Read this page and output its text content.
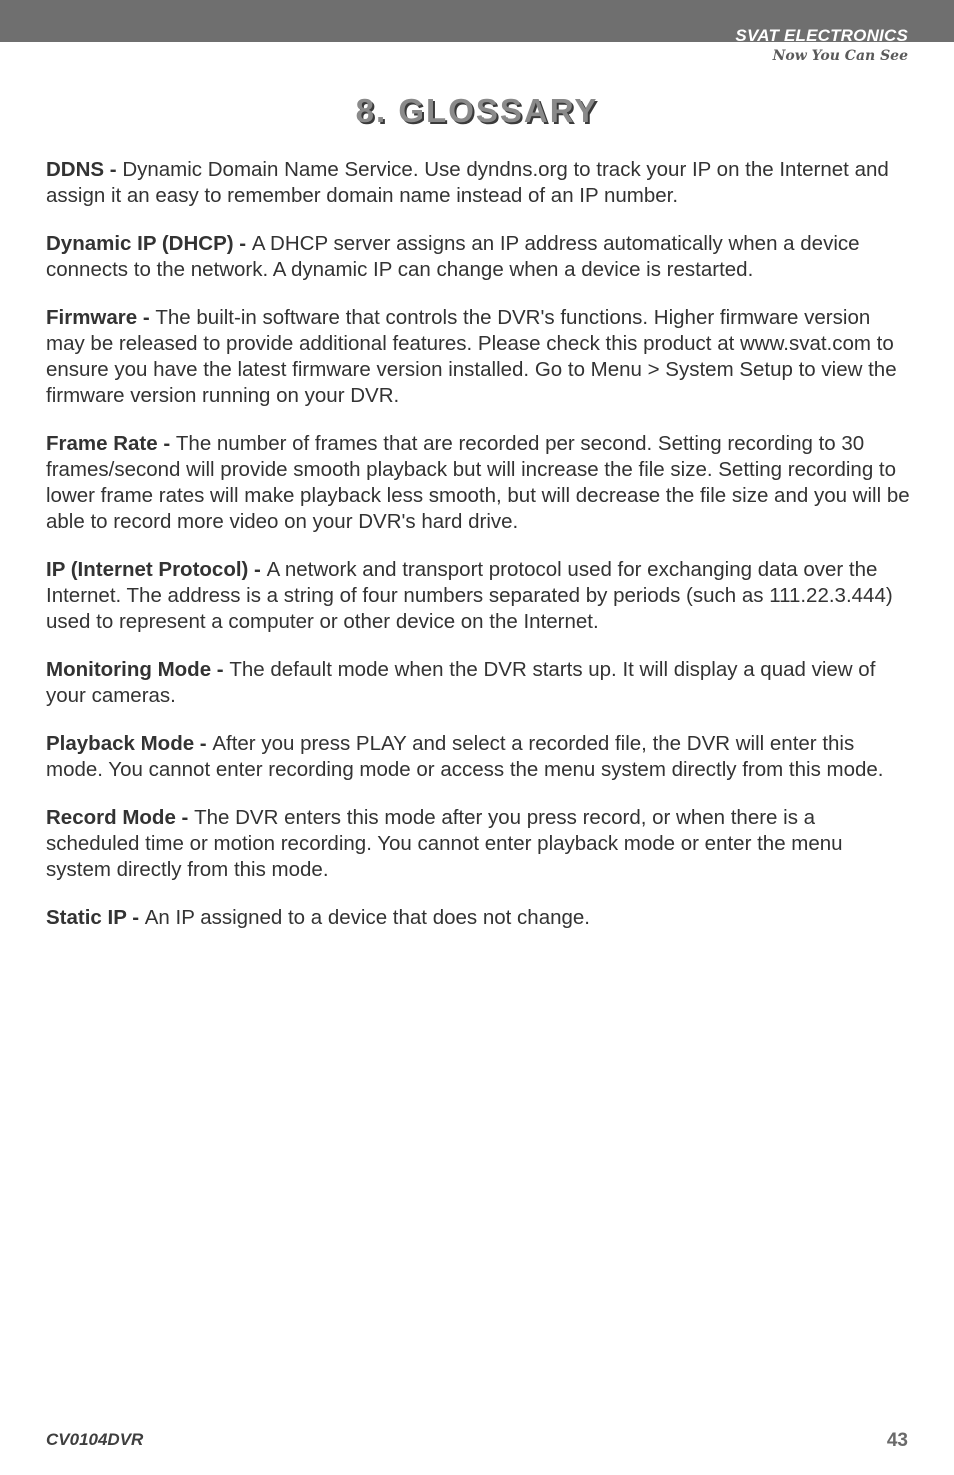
SVAT ELECTRONICS
Now You Can See
8. GLOSSARY

DDNS - Dynamic Domain Name Service. Use dyndns.org to track your IP on the Internet and assign it an easy to remember domain name instead of an IP number.

Dynamic IP (DHCP) - A DHCP server assigns an IP address automatically when a device connects to the network. A dynamic IP can change when a device is restarted.

Firmware - The built-in software that controls the DVR's functions. Higher firmware version may be released to provide additional features. Please check this product at www.svat.com to ensure you have the latest firmware version installed. Go to Menu > System Setup to view the firmware version running on your DVR.

Frame Rate - The number of frames that are recorded per second. Setting recording to 30 frames/second will provide smooth playback but will increase the file size. Setting recording to lower frame rates will make playback less smooth, but will decrease the file size and you will be able to record more video on your DVR's hard drive.

IP (Internet Protocol) - A network and transport protocol used for exchanging data over the Internet. The address is a string of four numbers separated by periods (such as 111.22.3.444) used to represent a computer or other device on the Internet.

Monitoring Mode - The default mode when the DVR starts up. It will display a quad view of your cameras.

Playback Mode - After you press PLAY and select a recorded file, the DVR will enter this mode. You cannot enter recording mode or access the menu system directly from this mode.

Record Mode - The DVR enters this mode after you press record, or when there is a scheduled time or motion recording. You cannot enter playback mode or enter the menu system directly from this mode.

Static IP - An IP assigned to a device that does not change.

CV0104DVR	43
